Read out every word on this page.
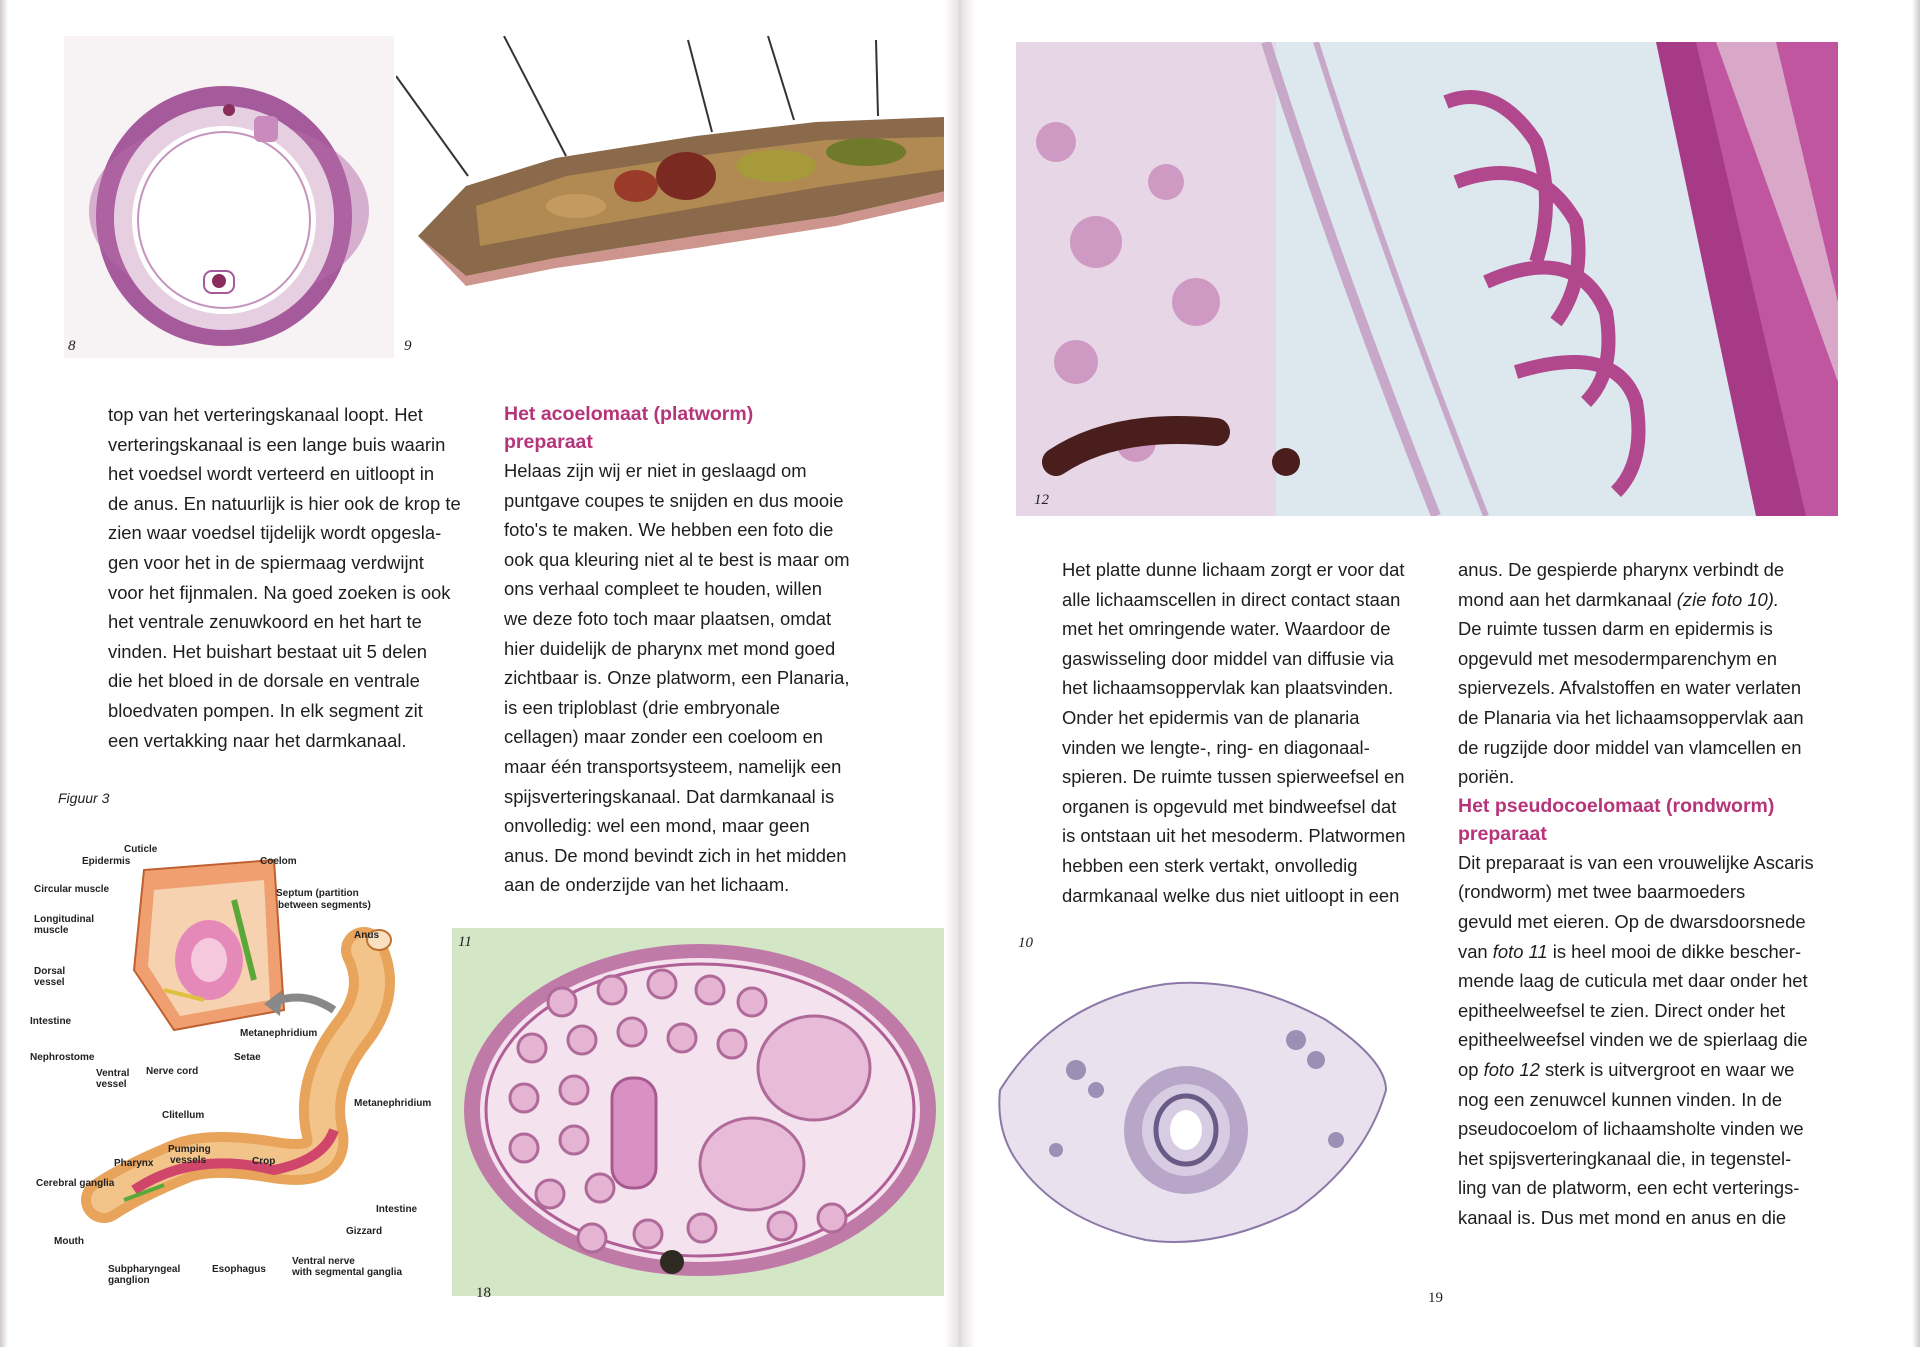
8	9

top van het verteringskanaal loopt. Het

verteringskanaal is een lange buis waarin

het voedsel wordt verteerd en uitloopt in

de anus. En natuurlijk is hier ook de krop te

zien waar voedsel tijdelijk wordt opgesla-

gen voor het in de spiermaag verdwijnt

voor het fijnmalen. Na goed zoeken is ook

het ventrale zenuwkoord en het hart te

vinden. Het buishart bestaat uit 5 delen

die het bloed in de dorsale en ventrale

bloedvaten pompen. In elk segment zit

een vertakking naar het darmkanaal.

Het acoelomaat (platworm)

preparaat

Helaas zijn wij er niet in geslaagd om

puntgave coupes te snijden en dus mooie

foto's te maken. We hebben een foto die

ook qua kleuring niet al te best is maar om

ons verhaal compleet te houden, willen

we deze foto toch maar plaatsen, omdat

hier duidelijk de pharynx met mond goed

zichtbaar is. Onze platworm, een Planaria,

is een triploblast (drie embryonale

cellagen) maar zonder een coeloom en

maar één transportsysteem, namelijk een

spijsverteringskanaal. Dat darmkanaal is

onvolledig: wel een mond, maar geen

anus. De mond bevindt zich in het midden

aan de onderzijde van het lichaam.

Figuur 3
Cuticle
Epidermis	Coelom
Circular muscle	Septum (partition
between segments)
Longitudinal
muscle	Anus
Dorsal
vessel
Intestine
Metanephridium
Nephrostome	Setae
Ventral Nerve cord
vessel
Clitellum
Metanephridium
Pumping
vessels
Pharynx	Crop
Cerebral ganglia
Intestine
Gizzard
Mouth
Subpharyngeal
ganglion
Esophagus
Ventral nerve
with segmental ganglia
11
18
12

Het platte dunne lichaam zorgt er voor dat

alle lichaamscellen in direct contact staan

met het omringende water. Waardoor de

gaswisseling door middel van diffusie via

het lichaamsoppervlak kan plaatsvinden.

Onder het epidermis van de planaria

vinden we lengte-, ring- en diagonaal-

spieren. De ruimte tussen spierweefsel en

organen is opgevuld met bindweefsel dat

is ontstaan uit het mesoderm. Platwormen

hebben een sterk vertakt, onvolledig

darmkanaal welke dus niet uitloopt in een

anus. De gespierde pharynx verbindt de

mond aan het darmkanaal (zie foto 10).

De ruimte tussen darm en epidermis is

opgevuld met mesodermparenchym en

spiervezels. Afvalstoffen en water verlaten

de Planaria via het lichaamsoppervlak aan

de rugzijde door middel van vlamcellen en

poriën.

Het pseudocoelomaat (rondworm)

preparaat

Dit preparaat is van een vrouwelijke Ascaris

(rondworm) met twee baarmoeders

gevuld met eieren. Op de dwarsdoorsnede

van foto 11 is heel mooi de dikke bescher-

mende laag de cuticula met daar onder het

epitheelweefsel te zien. Direct onder het

epitheelweefsel vinden we de spierlaag die

op foto 12 sterk is uitvergroot en waar we

nog een zenuwcel kunnen vinden. In de

pseudocoelom of lichaamsholte vinden we

het spijsverteringkanaal die, in tegenstel-

ling van de platworm, een echt verterings-

kanaal is. Dus met mond en anus en die

10
19
